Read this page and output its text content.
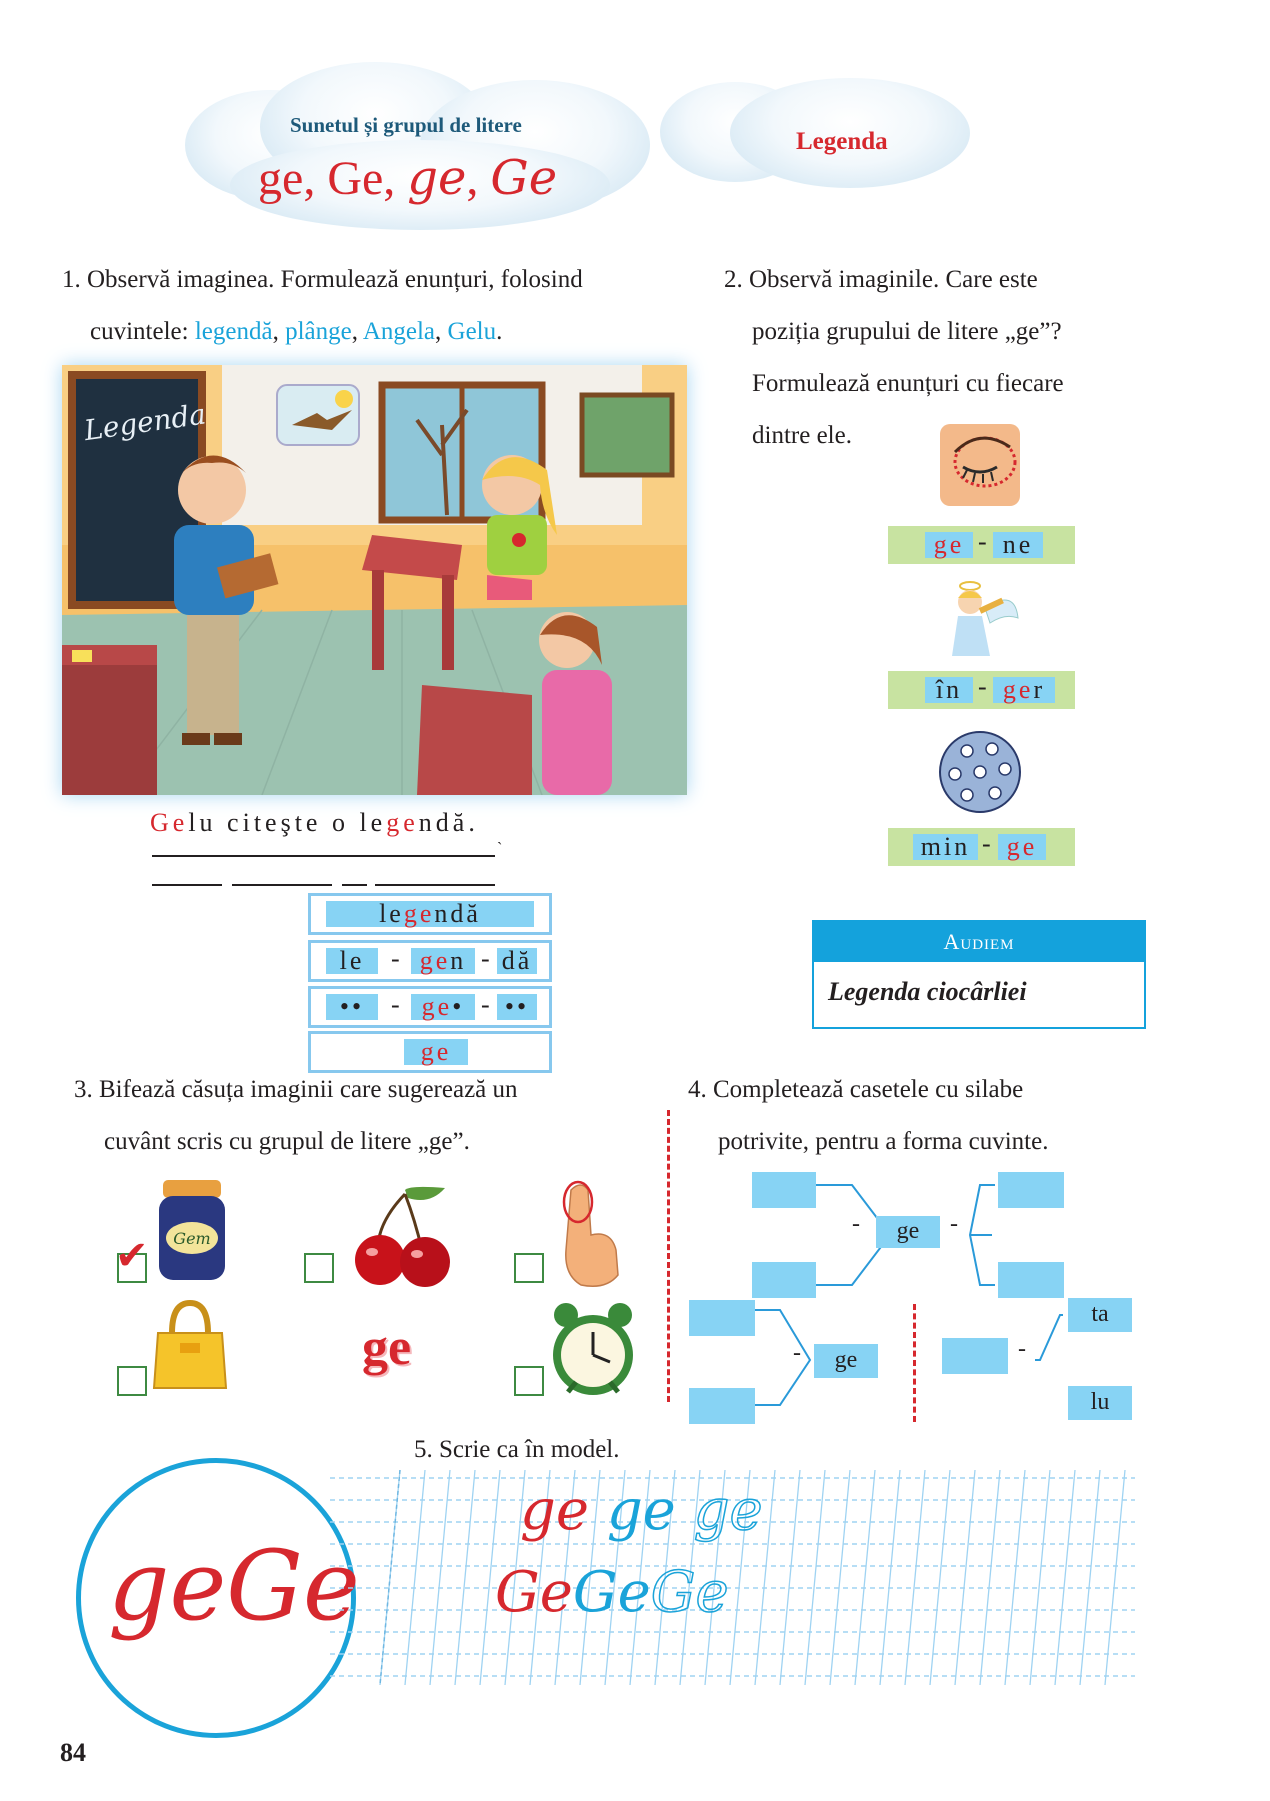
Sunetul și grupul de litere
ge, Ge, ge, Ge
Legenda
1. Observă imaginea. Formulează enunțuri, folosind
cuvintele: legendă, plânge, Angela, Gelu.
Legenda
Gelu citeşte o legendă.
`
legendă
le	- gen - dă
••	- ge• - ••
ge
2. Observă imaginile. Care este
poziția grupului de litere „ge”?
Formulează enunțuri cu fiecare
dintre ele.
ge - ne
în - ger
min - ge
Audiem
Legenda ciocârliei
3. Bifează căsuța imaginii care sugerează un
cuvânt scris cu grupul de litere „ge”.
Gem
✔
ge
4. Completează casetele cu silabe
potrivite, pentru a forma cuvinte.
-	ge	-
-	ge	-
ta
lu
5. Scrie ca în model.
geGe
ge ge ge
GeGeGe
84
